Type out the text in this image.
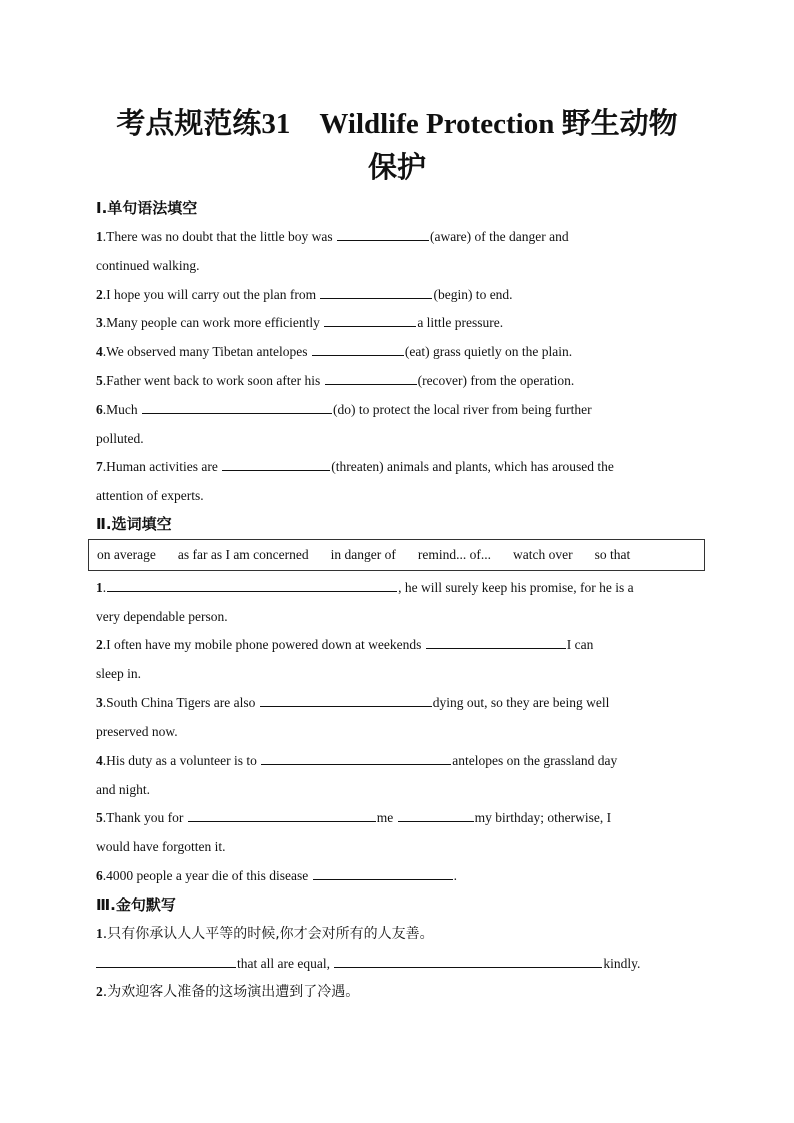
考点规范练31　Wildlife Protection 野生动物
保护
Ⅰ.单句语法填空
1.There was no doubt that the little boy was	(aware) of the danger and
continued walking.
2.I hope you will carry out the plan from	(begin) to end.
3.Many people can work more efficiently	a little pressure.
4.We observed many Tibetan antelopes	(eat) grass quietly on the plain.
5.Father went back to work soon after his	(recover) from the operation.
6.Much	(do) to protect the local river from being further
polluted.
7.Human activities are	(threaten) animals and plants, which has aroused the
attention of experts.
Ⅱ.选词填空
on average as far as I am concerned in danger of remind... of... watch over so that
1.	, he will surely keep his promise, for he is a
very dependable person.
2.I often have my mobile phone powered down at weekends	I can
sleep in.
3.South China Tigers are also	dying out, so they are being well
preserved now.
4.His duty as a volunteer is to	antelopes on the grassland day
and night.
5.Thank you for	me	my birthday; otherwise, I
would have forgotten it.
6.4000 people a year die of this disease	.
Ⅲ.金句默写
1.只有你承认人人平等的时候,你才会对所有的人友善。
that all are equal,	kindly.
2.为欢迎客人准备的这场演出遭到了冷遇。
